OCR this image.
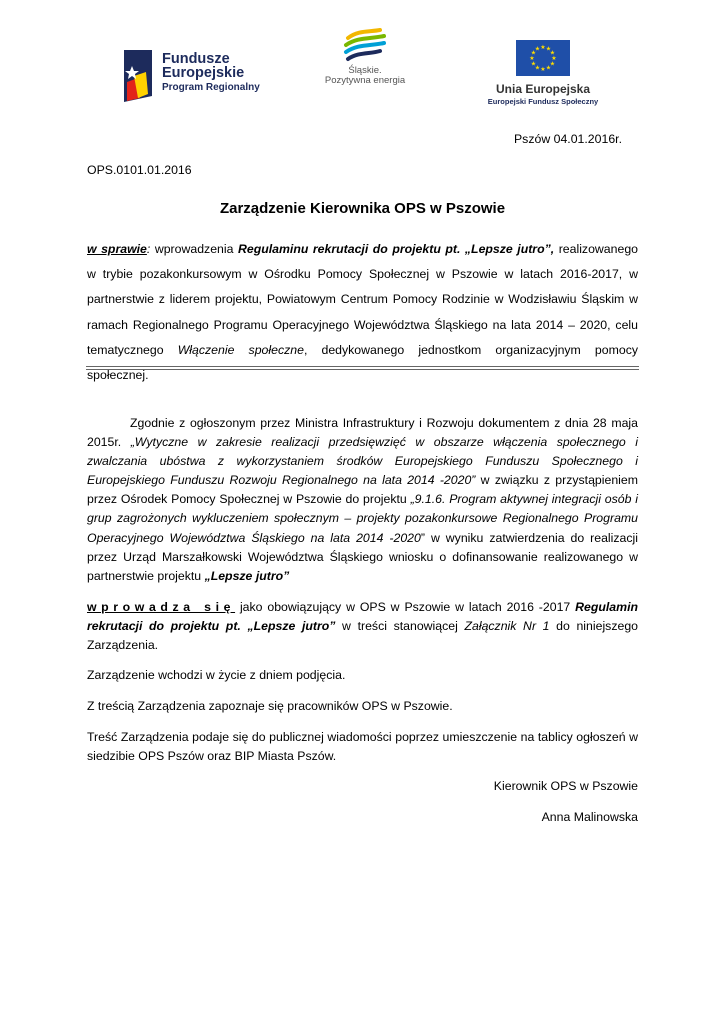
Fundusze
Europejskie
Program Regionalny
Śląskie.
Pozytywna energia
★
★
★
★
★
★
★
★
★ ★ ★
★
Unia Europejska
Europejski Fundusz Społeczny
Pszów 04.01.2016r.
OPS.0101.01.2016
Zarządzenie Kierownika OPS w Pszowie
w sprawie: wprowadzenia Regulaminu rekrutacji do projektu pt. „Lepsze jutro”, realizowanego w trybie pozakonkursowym w Ośrodku Pomocy Społecznej w Pszowie w latach 2016-2017, w partnerstwie z liderem projektu, Powiatowym Centrum Pomocy Rodzinie w Wodzisławiu Śląskim w ramach Regionalnego Programu Operacyjnego Województwa Śląskiego na lata 2014 – 2020, celu tematycznego Włączenie społeczne, dedykowanego jednostkom organizacyjnym pomocy społecznej.
Zgodnie z ogłoszonym przez Ministra Infrastruktury i Rozwoju dokumentem z dnia 28 maja 2015r. „Wytyczne w zakresie realizacji przedsięwzięć w obszarze włączenia społecznego i zwalczania ubóstwa z wykorzystaniem środków Europejskiego Funduszu Społecznego i Europejskiego Funduszu Rozwoju Regionalnego na lata 2014 -2020” w związku z przystąpieniem przez Ośrodek Pomocy Społecznej w Pszowie do projektu „9.1.6. Program aktywnej integracji osób i grup zagrożonych wykluczeniem społecznym – projekty pozakonkursowe Regionalnego Programu Operacyjnego Województwa Śląskiego na lata 2014 -2020” w wyniku zatwierdzenia do realizacji przez Urząd Marszałkowski Województwa Śląskiego wniosku o dofinansowanie realizowanego w partnerstwie projektu „Lepsze jutro”
wprowadza się jako obowiązujący w OPS w Pszowie w latach 2016 -2017 Regulamin rekrutacji do projektu pt. „Lepsze jutro” w treści stanowiącej Załącznik Nr 1 do niniejszego Zarządzenia.
Zarządzenie wchodzi w życie z dniem podjęcia.
Z treścią Zarządzenia zapoznaje się pracowników OPS w Pszowie.
Treść Zarządzenia podaje się do publicznej wiadomości poprzez umieszczenie na tablicy ogłoszeń w siedzibie OPS Pszów oraz BIP Miasta Pszów.
Kierownik OPS w Pszowie
Anna Malinowska
